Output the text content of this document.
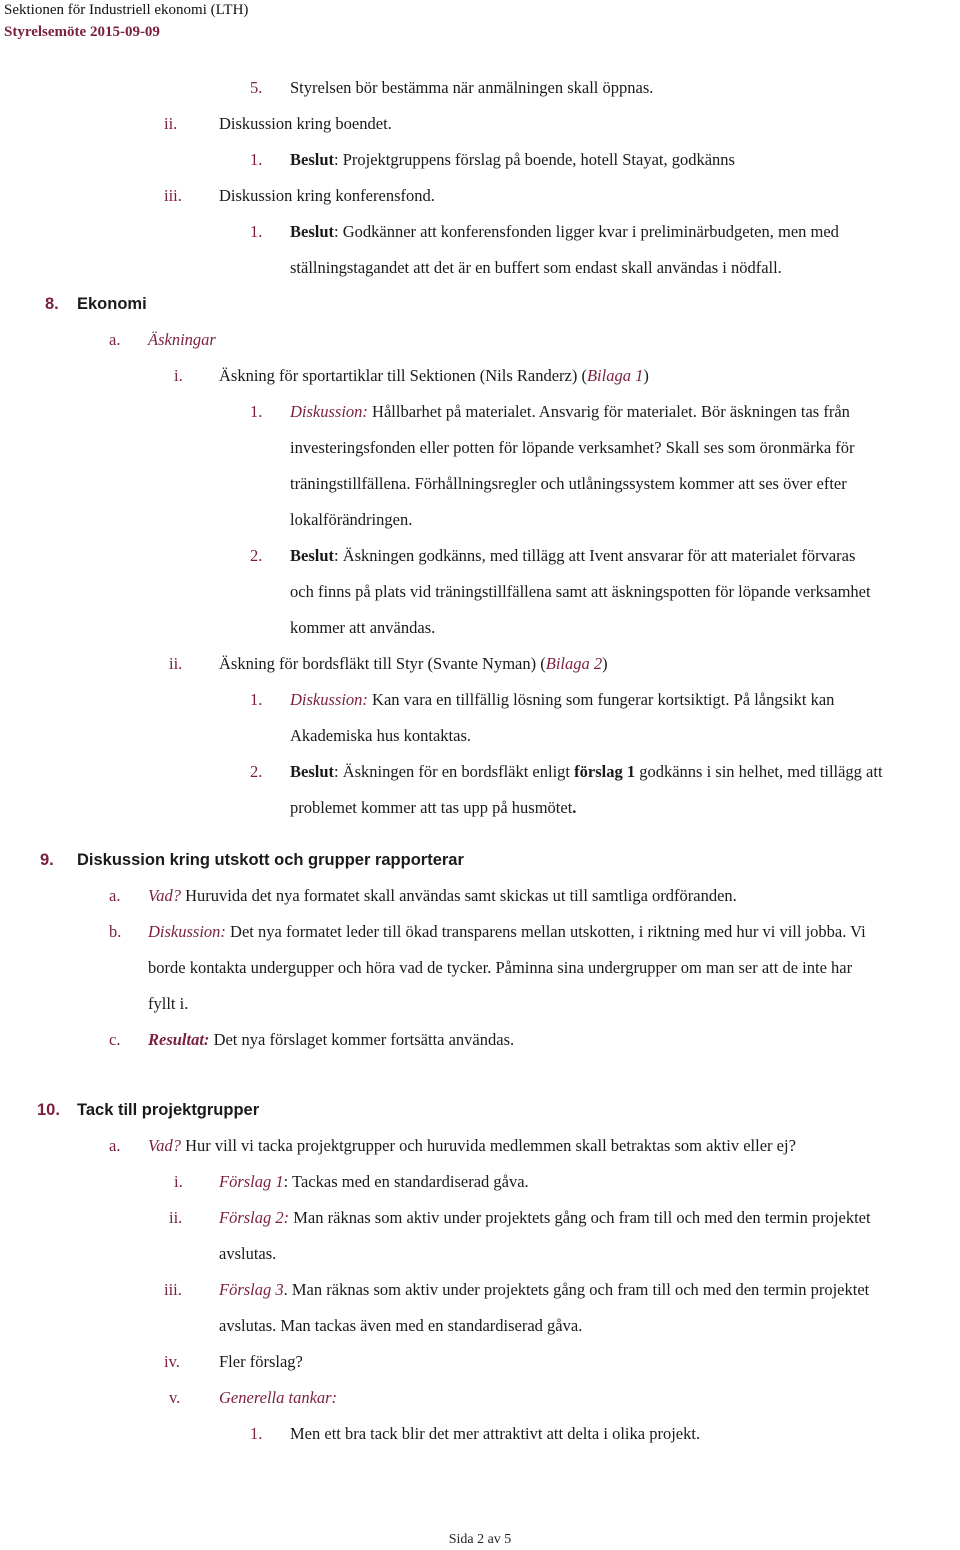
Sektionen för Industriell ekonomi (LTH)
Styrelsemöte 2015-09-09
5. Styrelsen bör bestämma när anmälningen skall öppnas.
ii.	Diskussion kring boendet.
1. Beslut: Projektgruppens förslag på boende, hotell Stayat, godkänns
iii. Diskussion kring konferensfond.
1. Beslut: Godkänner att konferensfonden ligger kvar i preliminärbudgeten, men med
ställningstagandet att det är en buffert som endast skall användas i nödfall.
8. Ekonomi
a. Äskningar
i. Äskning för sportartiklar till Sektionen (Nils Randerz) (Bilaga 1)
1. Diskussion: Hållbarhet på materialet. Ansvarig för materialet. Bör äskningen tas från
investeringsfonden eller potten för löpande verksamhet? Skall ses som öronmärka för
träningstillfällena. Förhållningsregler och utlåningssystem kommer att ses över efter
lokalförändringen.
2. Beslut: Äskningen godkänns, med tillägg att Ivent ansvarar för att materialet förvaras
och finns på plats vid träningstillfällena samt att äskningspotten för löpande verksamhet
kommer att användas.
ii. Äskning för bordsfläkt till Styr (Svante Nyman) (Bilaga 2)
1. Diskussion: Kan vara en tillfällig lösning som fungerar kortsiktigt. På långsikt kan
Akademiska hus kontaktas.
2. Beslut: Äskningen för en bordsfläkt enligt förslag 1 godkänns i sin helhet, med tillägg att
problemet kommer att tas upp på husmötet.
9. Diskussion kring utskott och grupper rapporterar
a. Vad? Huruvida det nya formatet skall användas samt skickas ut till samtliga ordföranden.
b. Diskussion: Det nya formatet leder till ökad transparens mellan utskotten, i riktning med hur vi vill jobba. Vi
borde kontakta undergupper och höra vad de tycker. Påminna sina undergrupper om man ser att de inte har
fyllt i.
c. Resultat: Det nya förslaget kommer fortsätta användas.
10. Tack till projektgrupper
a. Vad? Hur vill vi tacka projektgrupper och huruvida medlemmen skall betraktas som aktiv eller ej?
i. Förslag 1: Tackas med en standardiserad gåva.
ii. Förslag 2: Man räknas som aktiv under projektets gång och fram till och med den termin projektet
avslutas.
iii. Förslag 3. Man räknas som aktiv under projektets gång och fram till och med den termin projektet
avslutas. Man tackas även med en standardiserad gåva.
iv. Fler förslag?
v. Generella tankar:
1. Men ett bra tack blir det mer attraktivt att delta i olika projekt.
Sida 2 av 5
